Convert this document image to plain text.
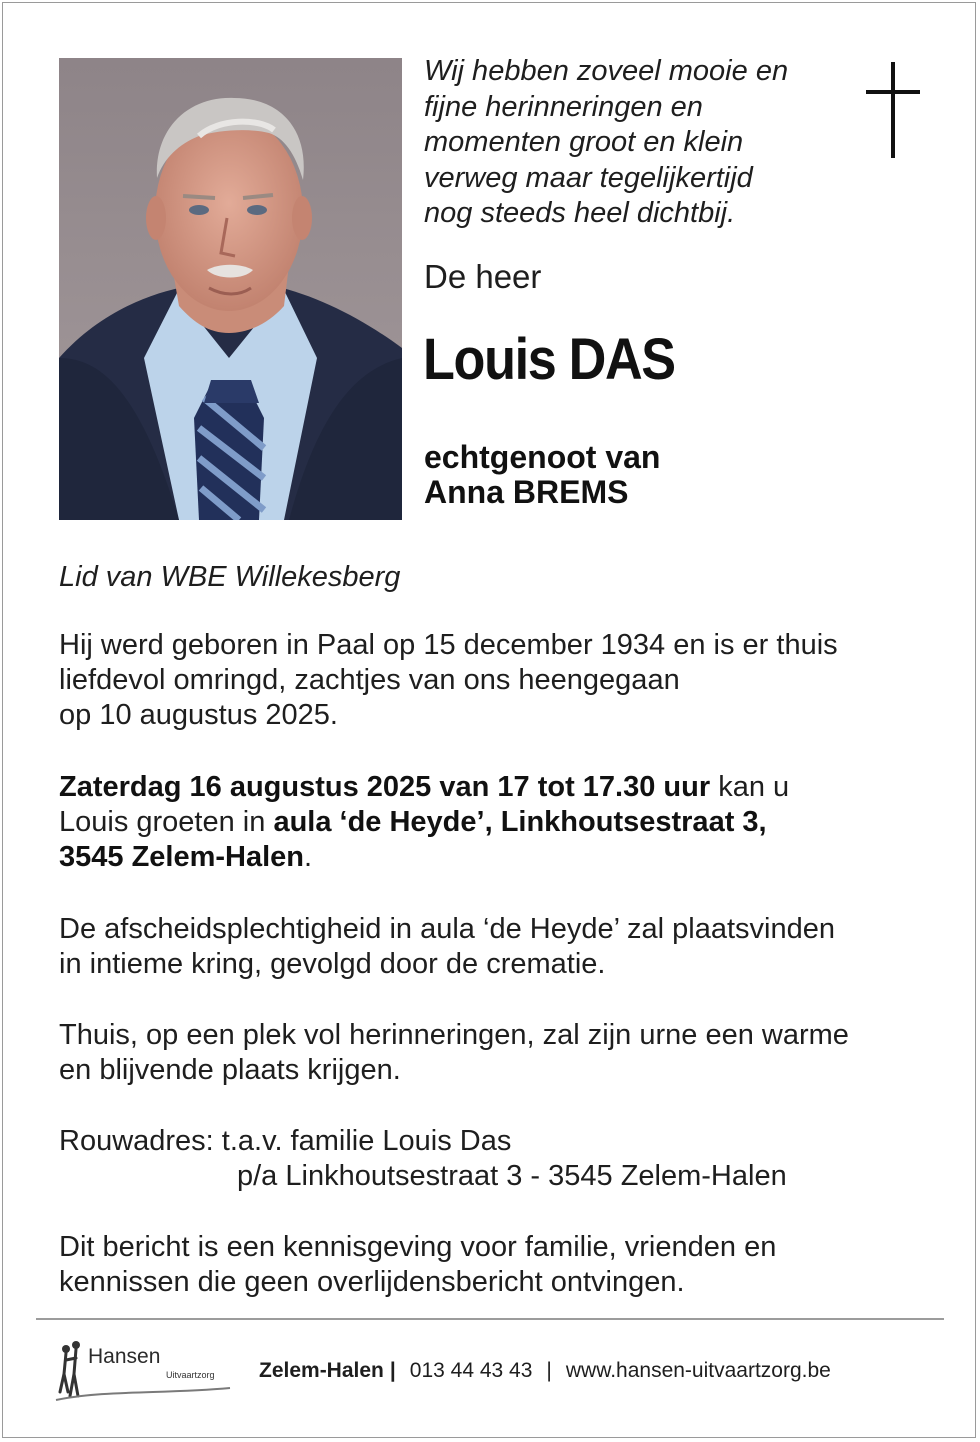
Wij hebben zoveel mooie en
fijne herinneringen en
momenten groot en klein
verweg maar tegelijkertijd
nog steeds heel dichtbij.
De heer
Louis DAS
echtgenoot van
Anna BREMS
Lid van WBE Willekesberg
Hij werd geboren in Paal op 15 december 1934 en is er thuis
liefdevol omringd, zachtjes van ons heengegaan
op 10 augustus 2025.
Zaterdag 16 augustus 2025 van 17 tot 17.30 uur kan u
Louis groeten in aula ‘de Heyde’, Linkhoutsestraat 3,
3545 Zelem-Halen.
De afscheidsplechtigheid in aula ‘de Heyde’ zal plaatsvinden
in intieme kring, gevolgd door de crematie.
Thuis, op een plek vol herinneringen, zal zijn urne een warme
en blijvende plaats krijgen.
Rouwadres: t.a.v. familie Louis Das
p/a Linkhoutsestraat 3 - 3545 Zelem-Halen
Dit bericht is een kennisgeving voor familie, vrienden en
kennissen die geen overlijdensbericht ontvingen.
Hansen
Uitvaartzorg Zelem-Halen | 013 44 43 43 | www.hansen-uitvaartzorg.be
